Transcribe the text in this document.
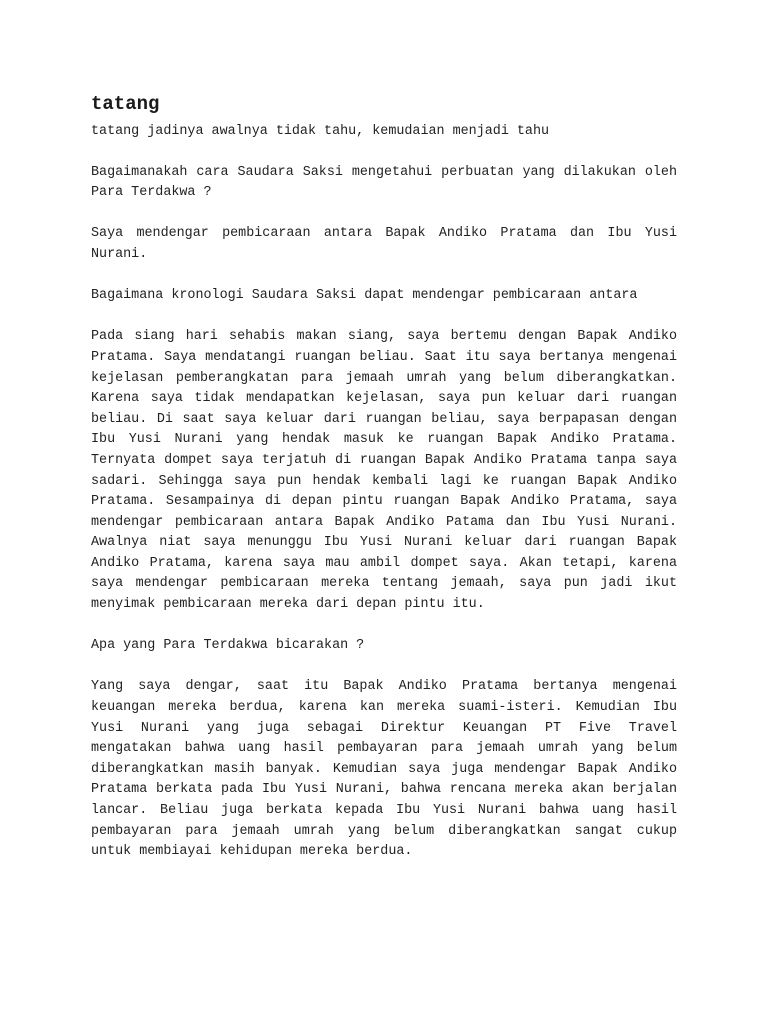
tatang
tatang jadinya awalnya tidak tahu, kemudaian menjadi tahu

Bagaimanakah cara Saudara Saksi mengetahui perbuatan yang dilakukan oleh Para Terdakwa ?

Saya mendengar pembicaraan antara Bapak Andiko Pratama dan Ibu Yusi Nurani.

Bagaimana kronologi Saudara Saksi dapat mendengar pembicaraan antara

Pada siang hari sehabis makan siang, saya bertemu dengan Bapak Andiko Pratama. Saya mendatangi ruangan beliau. Saat itu saya bertanya mengenai kejelasan pemberangkatan para jemaah umrah yang belum diberangkatkan. Karena saya tidak mendapatkan kejelasan, saya pun keluar dari ruangan beliau. Di saat saya keluar dari ruangan beliau, saya berpapasan dengan Ibu Yusi Nurani yang hendak masuk ke ruangan Bapak Andiko Pratama. Ternyata dompet saya terjatuh di ruangan Bapak Andiko Pratama tanpa saya sadari. Sehingga saya pun hendak kembali lagi ke ruangan Bapak Andiko Pratama. Sesampainya di depan pintu ruangan Bapak Andiko Pratama, saya mendengar pembicaraan antara Bapak Andiko Patama dan Ibu Yusi Nurani. Awalnya niat saya menunggu Ibu Yusi Nurani keluar dari ruangan Bapak Andiko Pratama, karena saya mau ambil dompet saya. Akan tetapi, karena saya mendengar pembicaraan mereka tentang jemaah, saya pun jadi ikut menyimak pembicaraan mereka dari depan pintu itu.

Apa yang Para Terdakwa bicarakan ?

Yang saya dengar, saat itu Bapak Andiko Pratama bertanya mengenai keuangan mereka berdua, karena kan mereka suami-isteri. Kemudian Ibu Yusi Nurani yang juga sebagai Direktur Keuangan PT Five Travel mengatakan bahwa uang hasil pembayaran para jemaah umrah yang belum diberangkatkan masih banyak. Kemudian saya juga mendengar Bapak Andiko Pratama berkata pada Ibu Yusi Nurani, bahwa rencana mereka akan berjalan lancar. Beliau juga berkata kepada Ibu Yusi Nurani bahwa uang hasil pembayaran para jemaah umrah yang belum diberangkatkan sangat cukup untuk membiayai kehidupan mereka berdua.
